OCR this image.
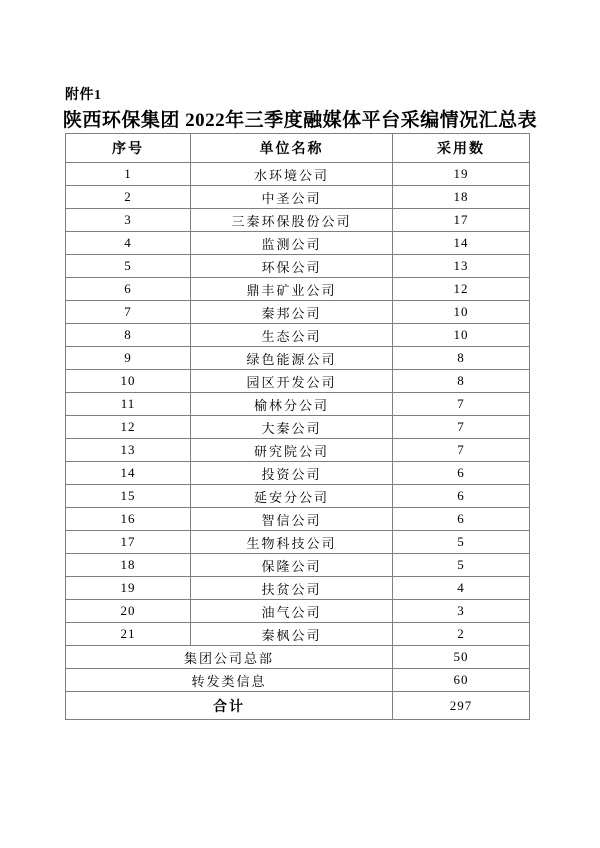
附件1
陕西环保集团 2022年三季度融媒体平台采编情况汇总表
序号	单位名称	采用数
1	水环境公司	19
2	中圣公司	18
3	三秦环保股份公司	17
4	监测公司	14
5	环保公司	13
6	鼎丰矿业公司	12
7	秦邦公司	10
8	生态公司	10
9	绿色能源公司	8
10	园区开发公司	8
11	榆林分公司	7
12	大秦公司	7
13	研究院公司	7
14	投资公司	6
15	延安分公司	6
16	智信公司	6
17	生物科技公司	5
18	保隆公司	5
19	扶贫公司	4
20	油气公司	3
21	秦枫公司	2
集团公司总部		50
转发类信息		60
合计		297
